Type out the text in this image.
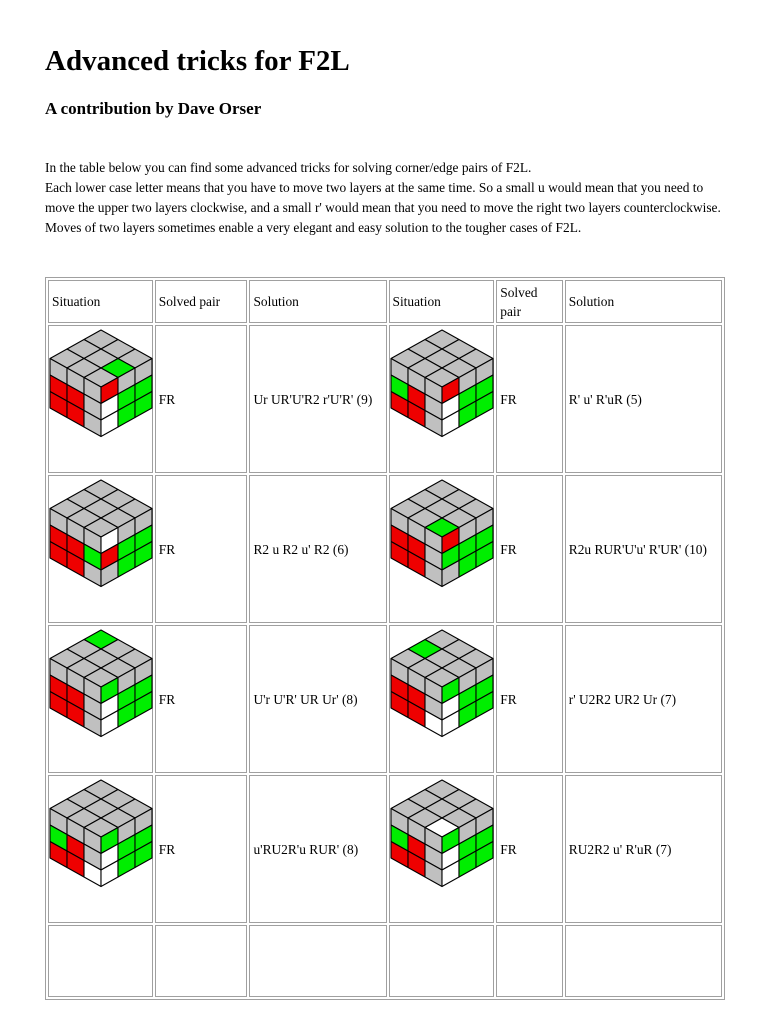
Advanced tricks for F2L
A contribution by Dave Orser

In the table below you can find some advanced tricks for solving corner/edge pairs of F2L.

Each lower case letter means that you have to move two layers at the same time. So a small u would mean that you need to move the upper two layers clockwise, and a small r' would mean that you need to move the right two layers counterclockwise.

Moves of two layers sometimes enable a very elegant and easy solution to the tougher cases of F2L.

Situation	Solved pair	Solution	Situation	Solved pair	Solution

	FR	Ur UR'U'R2 r'U'R' (9)		FR	R' u' R'uR (5)

	FR	R2 u R2 u' R2 (6)		FR	R2u RUR'U'u' R'UR' (10)

	FR	U'r U'R' UR Ur' (8)		FR	r' U2R2 UR2 Ur (7)

	FR	u'RU2R'u RUR' (8)		FR	RU2R2 u' R'uR (7)
